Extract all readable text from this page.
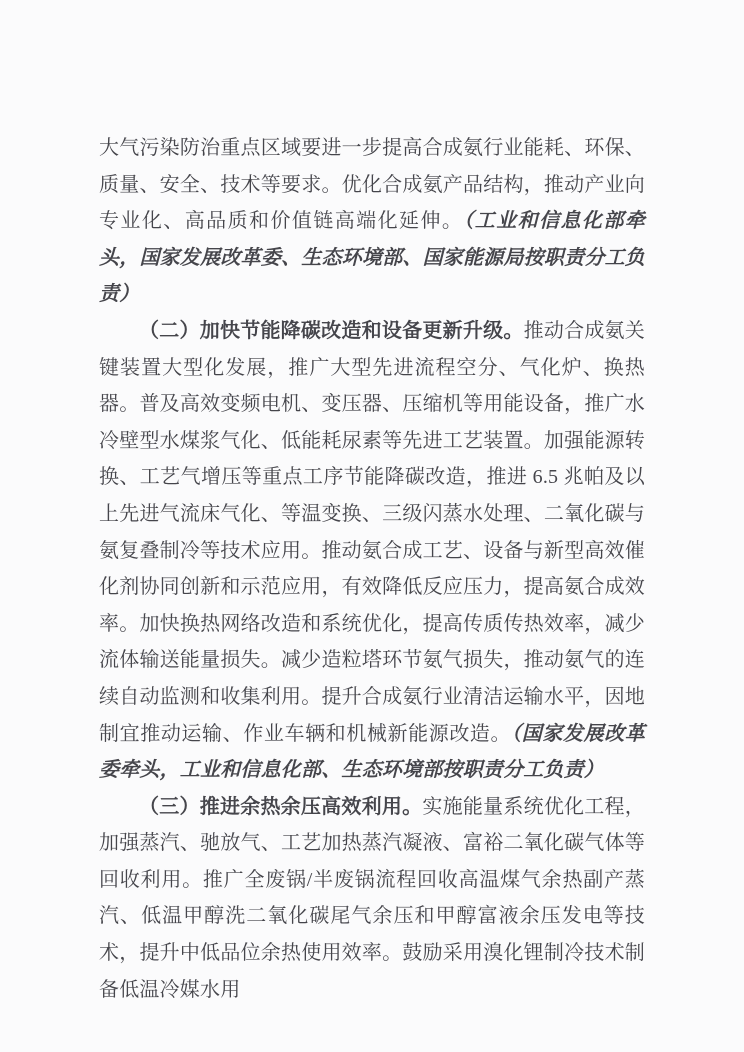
大气污染防治重点区域要进一步提高合成氨行业能耗、环保、质量、安全、技术等要求。优化合成氨产品结构，推动产业向专业化、高品质和价值链高端化延伸。（工业和信息化部牵头，国家发展改革委、生态环境部、国家能源局按职责分工负责）

（二）加快节能降碳改造和设备更新升级。推动合成氨关键装置大型化发展，推广大型先进流程空分、气化炉、换热器。普及高效变频电机、变压器、压缩机等用能设备，推广水冷壁型水煤浆气化、低能耗尿素等先进工艺装置。加强能源转换、工艺气增压等重点工序节能降碳改造，推进 6.5 兆帕及以上先进气流床气化、等温变换、三级闪蒸水处理、二氧化碳与氨复叠制冷等技术应用。推动氨合成工艺、设备与新型高效催化剂协同创新和示范应用，有效降低反应压力，提高氨合成效率。加快换热网络改造和系统优化，提高传质传热效率，减少流体输送能量损失。减少造粒塔环节氨气损失，推动氨气的连续自动监测和收集利用。提升合成氨行业清洁运输水平，因地制宜推动运输、作业车辆和机械新能源改造。（国家发展改革委牵头，工业和信息化部、生态环境部按职责分工负责）

（三）推进余热余压高效利用。实施能量系统优化工程，加强蒸汽、驰放气、工艺加热蒸汽凝液、富裕二氧化碳气体等回收利用。推广全废锅/半废锅流程回收高温煤气余热副产蒸汽、低温甲醇洗二氧化碳尾气余压和甲醇富液余压发电等技术，提升中低品位余热使用效率。鼓励采用溴化锂制冷技术制备低温冷媒水用
